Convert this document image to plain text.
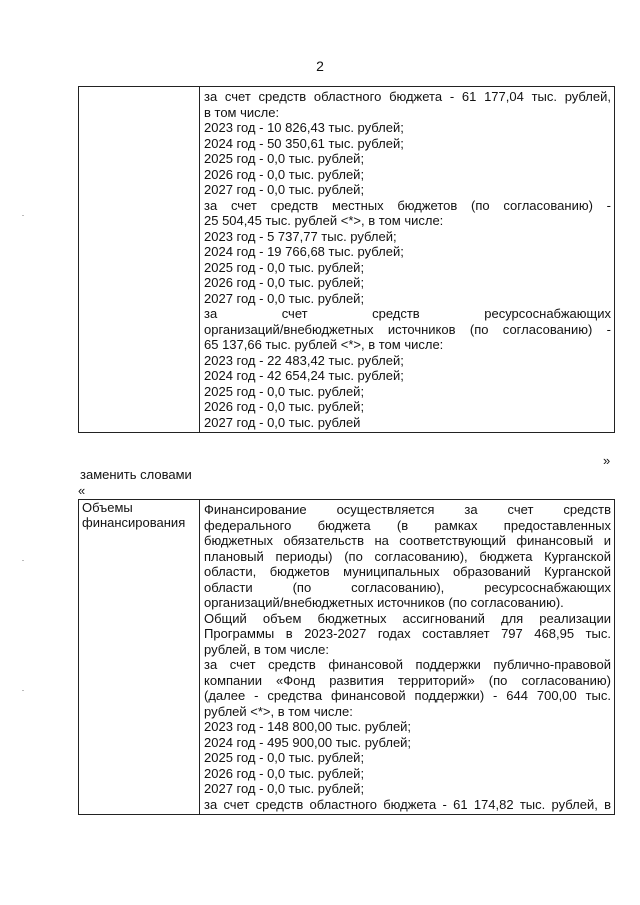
2

за счет средств областного бюджета - 61 177,04 тыс. рублей,
в том числе:
2023 год - 10 826,43 тыс. рублей;
2024 год - 50 350,61 тыс. рублей;
2025 год - 0,0 тыс. рублей;
2026 год - 0,0 тыс. рублей;
2027 год - 0,0 тыс. рублей;
за счет средств местных бюджетов (по согласованию) -
25 504,45 тыс. рублей <*>, в том числе:
2023 год - 5 737,77 тыс. рублей;
2024 год - 19 766,68 тыс. рублей;
2025 год - 0,0 тыс. рублей;
2026 год - 0,0 тыс. рублей;
2027 год - 0,0 тыс. рублей;
за счет средств ресурсоснабжающих
организаций/внебюджетных источников (по согласованию) -
65 137,66 тыс. рублей <*>, в том числе:
2023 год - 22 483,42 тыс. рублей;
2024 год - 42 654,24 тыс. рублей;
2025 год - 0,0 тыс. рублей;
2026 год - 0,0 тыс. рублей;
2027 год - 0,0 тыс. рублей
»
заменить словами
«
Объемы
финансирования

Финансирование осуществляется за счет средств
федерального бюджета (в рамках предоставленных
бюджетных обязательств на соответствующий финансовый и
плановый периоды) (по согласованию), бюджета Курганской
области, бюджетов муниципальных образований Курганской
области (по согласованию), ресурсоснабжающих
организаций/внебюджетных источников (по согласованию).
Общий объем бюджетных ассигнований для реализации
Программы в 2023-2027 годах составляет 797 468,95 тыс.
рублей, в том числе:
за счет средств финансовой поддержки публично-правовой
компании «Фонд развития территорий» (по согласованию)
(далее - средства финансовой поддержки) - 644 700,00 тыс.
рублей <*>, в том числе:
2023 год - 148 800,00 тыс. рублей;
2024 год - 495 900,00 тыс. рублей;
2025 год - 0,0 тыс. рублей;
2026 год - 0,0 тыс. рублей;
2027 год - 0,0 тыс. рублей;
за счет средств областного бюджета - 61 174,82 тыс. рублей, в
